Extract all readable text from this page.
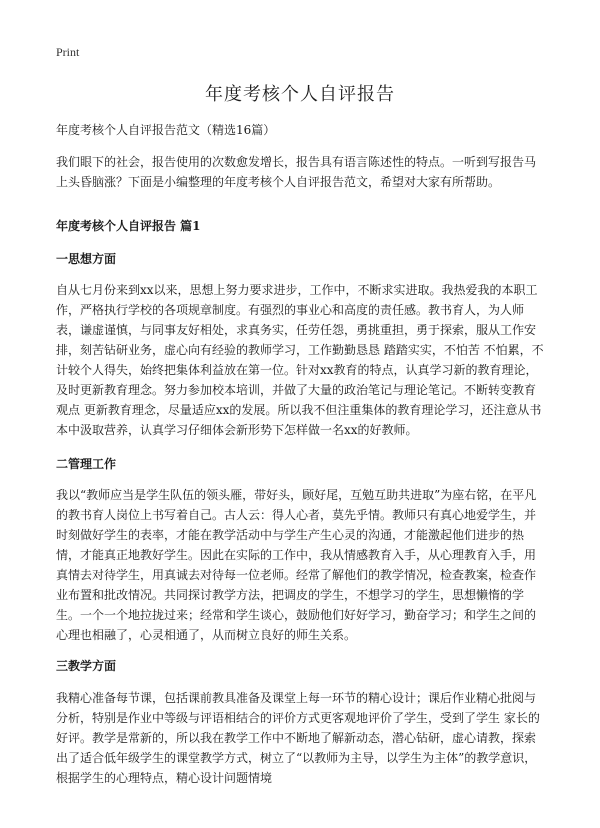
Print
年度考核个人自评报告

年度考核个人自评报告范文（精选16篇）

我们眼下的社会，报告使用的次数愈发增长，报告具有语言陈述性的特点。一听到写报告马上头昏脑涨？下面是小编整理的年度考核个人自评报告范文，希望对大家有所帮助。

年度考核个人自评报告 篇1

一思想方面

自从七月份来到xx以来，思想上努力要求进步，工作中，不断求实进取。我热爱我的本职工作，严格执行学校的各项规章制度。有强烈的事业心和高度的责任感。教书育人，为人师表，谦虚谨慎，与同事友好相处，求真务实，任劳任怨，勇挑重担，勇于探索，服从工作安排，刻苦钻研业务，虚心向有经验的教师学习，工作勤勤恳恳 踏踏实实，不怕苦 不怕累，不计较个人得失，始终把集体利益放在第一位。针对xx教育的特点，认真学习新的教育理论，及时更新教育理念。努力参加校本培训，并做了大量的政治笔记与理论笔记。不断转变教育观点 更新教育理念，尽量适应xx的发展。所以我不但注重集体的教育理论学习，还注意从书本中汲取营养，认真学习仔细体会新形势下怎样做一名xx的好教师。

二管理工作

我以“教师应当是学生队伍的领头雁，带好头，顾好尾，互勉互助共进取”为座右铭，在平凡的教书育人岗位上书写着自己。古人云：得人心者，莫先乎情。教师只有真心地爱学生，并时刻做好学生的表率，才能在教学活动中与学生产生心灵的沟通，才能激起他们进步的热情，才能真正地教好学生。因此在实际的工作中，我从情感教育入手，从心理教育入手，用真情去对待学生，用真诚去对待每一位老师。经常了解他们的教学情况，检查教案，检查作业布置和批改情况。共同探讨教学方法，把调皮的学生，不想学习的学生，思想懒惰的学生。一个一个地拉拢过来；经常和学生谈心，鼓励他们好好学习，勤奋学习；和学生之间的心理也相融了，心灵相通了，从而树立良好的师生关系。

三教学方面

我精心准备每节课，包括课前教具准备及课堂上每一环节的精心设计；课后作业精心批阅与分析，特别是作业中等级与评语相结合的评价方式更客观地评价了学生，受到了学生 家长的好评。教学是常新的，所以我在教学工作中不断地了解新动态，潜心钻研，虚心请教，探索出了适合低年级学生的课堂教学方式，树立了“以教师为主导，以学生为主体”的教学意识，根据学生的心理特点，精心设计问题情境
